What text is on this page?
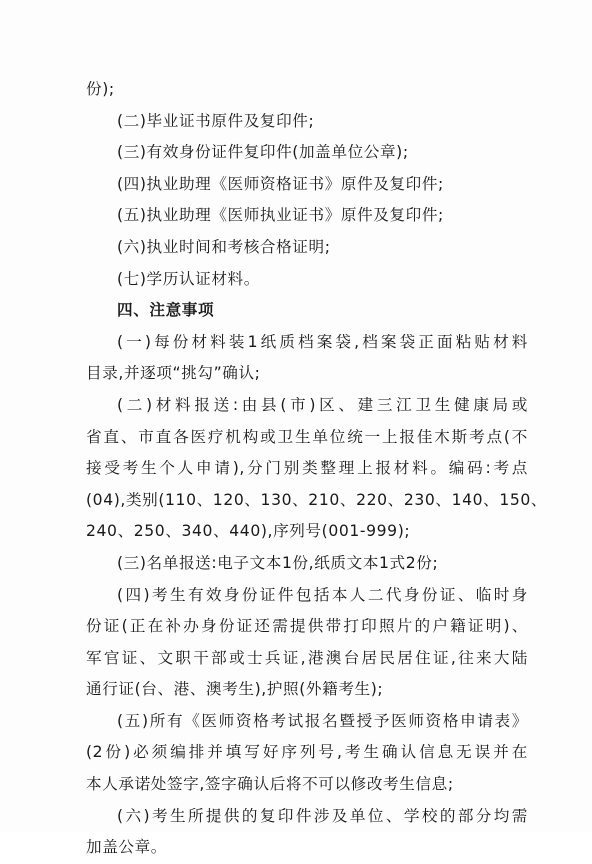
份);
(二)毕业证书原件及复印件;
(三)有效身份证件复印件(加盖单位公章);
(四)执业助理《医师资格证书》原件及复印件;
(五)执业助理《医师执业证书》原件及复印件;
(六)执业时间和考核合格证明;
(七)学历认证材料。
四、注意事项
(一)每份材料装1纸质档案袋,档案袋正面粘贴材料
目录,并逐项“挑勾”确认;
(二)材料报送:由县(市)区、建三江卫生健康局或
省直、市直各医疗机构或卫生单位统一上报佳木斯考点(不
接受考生个人申请),分门别类整理上报材料。编码:考点
(04),类别(110、120、130、210、220、230、140、150、
240、250、340、440),序列号(001-999);
(三)名单报送:电子文本1份,纸质文本1式2份;
(四)考生有效身份证件包括本人二代身份证、临时身
份证(正在补办身份证还需提供带打印照片的户籍证明)、
军官证、文职干部或士兵证,港澳台居民居住证,往来大陆
通行证(台、港、澳考生),护照(外籍考生);
(五)所有《医师资格考试报名暨授予医师资格申请表》
(2份)必须编排并填写好序列号,考生确认信息无误并在
本人承诺处签字,签字确认后将不可以修改考生信息;
(六)考生所提供的复印件涉及单位、学校的部分均需
加盖公章。
